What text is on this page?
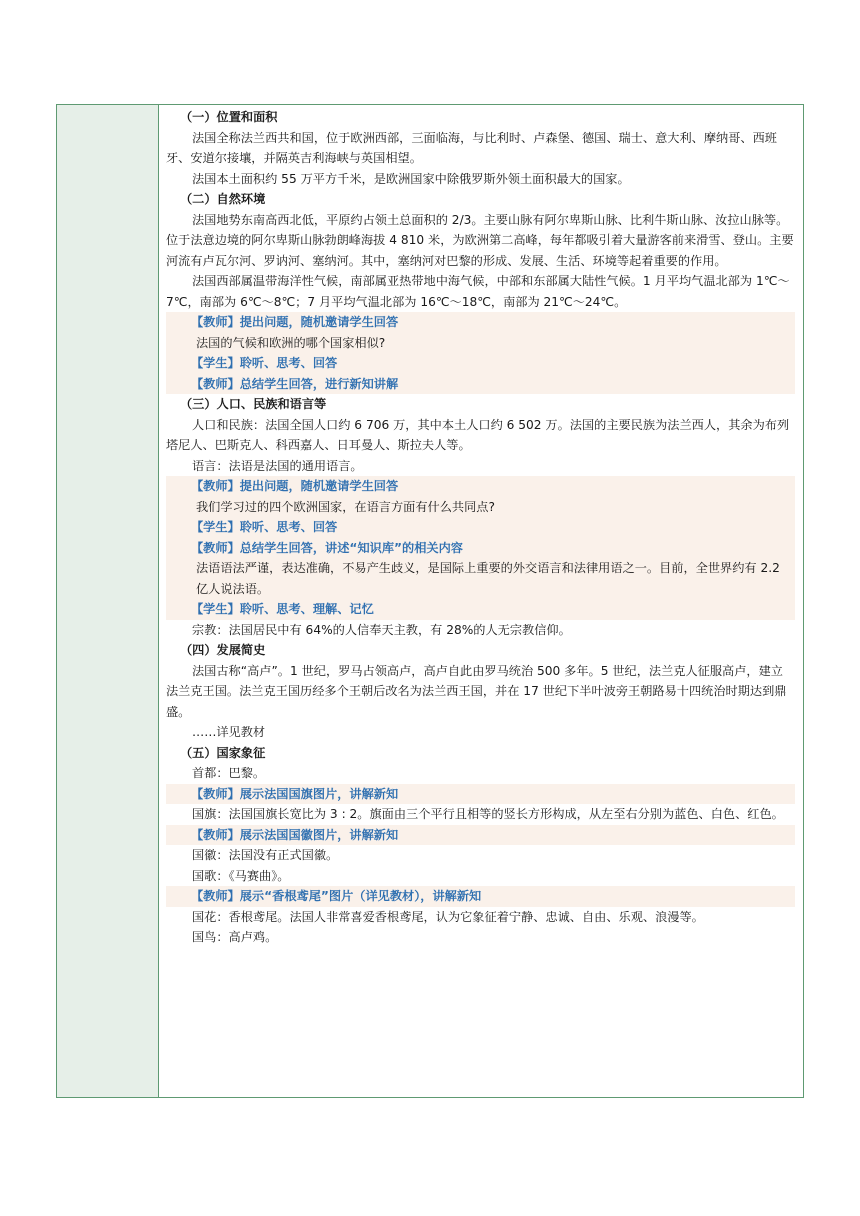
（一）位置和面积

法国全称法兰西共和国，位于欧洲西部，三面临海，与比利时、卢森堡、德国、瑞士、意大利、摩纳哥、西班牙、安道尔接壤，并隔英吉利海峡与英国相望。

法国本土面积约 55 万平方千米，是欧洲国家中除俄罗斯外领土面积最大的国家。

（二）自然环境

法国地势东南高西北低，平原约占领土总面积的 2/3。主要山脉有阿尔卑斯山脉、比利牛斯山脉、汝拉山脉等。位于法意边境的阿尔卑斯山脉勃朗峰海拔 4 810 米，为欧洲第二高峰，每年都吸引着大量游客前来滑雪、登山。主要河流有卢瓦尔河、罗讷河、塞纳河。其中，塞纳河对巴黎的形成、发展、生活、环境等起着重要的作用。

法国西部属温带海洋性气候，南部属亚热带地中海气候，中部和东部属大陆性气候。1 月平均气温北部为 1℃～7℃，南部为 6℃～8℃；7 月平均气温北部为 16℃～18℃，南部为 21℃～24℃。

【教师】提出问题，随机邀请学生回答

法国的气候和欧洲的哪个国家相似?

【学生】聆听、思考、回答

【教师】总结学生回答，进行新知讲解

（三）人口、民族和语言等

人口和民族：法国全国人口约 6 706 万，其中本土人口约 6 502 万。法国的主要民族为法兰西人，其余为布列塔尼人、巴斯克人、科西嘉人、日耳曼人、斯拉夫人等。

语言：法语是法国的通用语言。

【教师】提出问题，随机邀请学生回答

我们学习过的四个欧洲国家，在语言方面有什么共同点?

【学生】聆听、思考、回答

【教师】总结学生回答，讲述“知识库”的相关内容

法语语法严谨，表达准确，不易产生歧义，是国际上重要的外交语言和法律用语之一。目前，全世界约有 2.2 亿人说法语。

【学生】聆听、思考、理解、记忆

宗教：法国居民中有 64%的人信奉天主教，有 28%的人无宗教信仰。

（四）发展简史

法国古称“高卢”。1 世纪，罗马占领高卢，高卢自此由罗马统治 500 多年。5 世纪，法兰克人征服高卢，建立法兰克王国。法兰克王国历经多个王朝后改名为法兰西王国，并在 17 世纪下半叶波旁王朝路易十四统治时期达到鼎盛。

……详见教材

（五）国家象征

首都：巴黎。

【教师】展示法国国旗图片，讲解新知

国旗：法国国旗长宽比为 3 : 2。旗面由三个平行且相等的竖长方形构成，从左至右分别为蓝色、白色、红色。

【教师】展示法国国徽图片，讲解新知

国徽：法国没有正式国徽。

国歌：《马赛曲》。

【教师】展示“香根鸢尾”图片（详见教材），讲解新知

国花：香根鸢尾。法国人非常喜爱香根鸢尾，认为它象征着宁静、忠诚、自由、乐观、浪漫等。

国鸟：高卢鸡。
